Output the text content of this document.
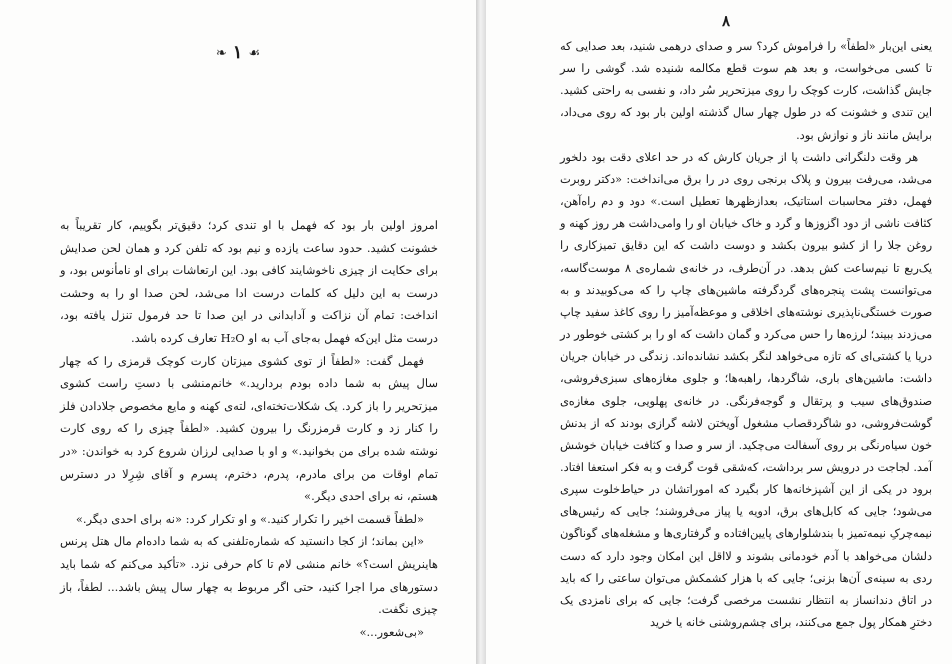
❧ ١ ☙

امروز اولین بار بود که فهمل با او تندی کرد؛ دقیق‌تر بگوییم، کار تقریباً به خشونت کشید. حدود ساعت یازده و نیم بود که تلفن کرد و همان لحن صدایش برای حکایت از چیزی ناخوشایند کافی بود. این ارتعاشات برای او نامأنوس بود، و درست به این دلیل که کلمات درست ادا می‌شد، لحن صدا او را به وحشت انداخت: تمام آن نزاکت و آدابدانی در این صدا تا حد فرمول تنزل یافته بود، درست مثل این‌که فهمل به‌جای آب به او H₂O تعارف کرده باشد.

فهمل گفت: «لطفاً از توی کشوی میزتان کارت کوچک قرمزی را که چهار سال پیش به شما داده بودم بردارید.» خانم‌منشی با دستِ راست کشوی میزتحریر را باز کرد. یک شکلات‌تخته‌ای، لته‌ی کهنه و مایع مخصوص جلادادن فلز را کنار زد و کارت قرمزرنگ را بیرون کشید. «لطفاً چیزی را که روی کارت نوشته شده برای من بخوانید.» و او با صدایی لرزان شروع کرد به خواندن: «در تمام اوقات من برای مادرم، پدرم، دخترم، پسرم و آقای شِرِلا در دسترس هستم، نه برای احدی دیگر.»

«لطفاً قسمت اخیر را تکرار کنید.» و او تکرار کرد: «نه برای احدی دیگر.»

«این بماند؛ از کجا دانستید که شماره‌تلفنی که به شما داده‌ام مال هتل پرنس هاینریش است؟» خانم منشی لام تا کام حرفی نزد. «تأکید می‌کنم که شما باید دستورهای مرا اجرا کنید، حتی اگر مربوط به چهار سال پیش باشد... لطفاً، باز چیزی نگفت.

«بی‌شعور...»

٨

یعنی این‌بار «لطفاً» را فراموش کرد؟ سر و صدای درهمی شنید، بعد صدایی که تا کسی می‌خواست، و بعد هم سوت قطع مکالمه شنیده شد. گوشی را سر جایش گذاشت، کارت کوچک را روی میزتحریر سُر داد، و نفسی به راحتی کشید. این تندی و خشونت که در طول چهار سال گذشته اولین بار بود که روی می‌داد، برایش مانند ناز و نوازش بود.

هر وقت دلنگرانی داشت پا از جریان کارش که در حد اعلای دقت بود دلخور می‌شد، می‌رفت بیرون و پلاک برنجی روی در را برق می‌انداخت: «دکتر روبرت فهمل، دفتر محاسبات استاتیک، بعدازظهرها تعطیل است.» دود و دم راه‌آهن، کثافت ناشی از دود اگزوزها و گرد و خاک خیابان او را وامی‌داشت هر روز کهنه و روغن جلا را از کشو بیرون بکشد و دوست داشت که این دقایق تمیزکاری را یک‌ربع تا نیم‌ساعت کش بدهد. در آن‌طرف، در خانه‌ی شماره‌ی ۸ موست‌گاسه، می‌توانست پشت پنجره‌های گردگرفته ماشین‌های چاپ را که می‌کوبیدند و به صورت خستگی‌ناپذیری نوشته‌های اخلاقی و موعظه‌آمیز را روی کاغذ سفید چاپ می‌زدند ببیند؛ لرزه‌ها را حس می‌کرد و گمان داشت که او را بر کشتی خوطور در دریا یا کشتی‌ای که تازه می‌خواهد لنگر بکشد نشانده‌اند. زندگی در خیابان جریان داشت: ماشین‌های باری، شاگردها، راهبه‌ها؛ و جلوی مغازه‌های سبزی‌فروشی، صندوق‌های سیب و پرتقال و گوجه‌فرنگی. در خانه‌ی پهلویی، جلوی مغازه‌ی گوشت‌فروشی، دو شاگردقصاب مشغول آویختن لاشه گرازی بودند که از بدنش خون سیاه‌رنگی بر روی آسفالت می‌چکید. از سر و صدا و کثافت خیابان خوشش آمد. لجاجت در درویش سر برداشت، که‌شقی قوت گرفت و به فکر استعفا افتاد. برود در یکی از این آشپزخانه‌ها کار بگیرد که اموراتشان در حیاط‌خلوت سپری می‌شود؛ جایی که کابل‌های برق، ادویه یا پیاز می‌فروشند؛ جایی که رئیس‌های نیمه‌چرکِ نیمه‌تمیز با بندشلوارهای پایین‌افتاده و گرفتاری‌ها و مشغله‌های گوناگون دلشان می‌خواهد با آدم خودمانی بشوند و لااقل این امکان وجود دارد که دست ردی به سینه‌ی آن‌ها بزنی؛ جایی که با هزار کشمکش می‌توان ساعتی را که باید در اتاق دندانساز به انتظار نشست مرخصی گرفت؛ جایی که برای نامزدی یک دخترِ همکار پول جمع می‌کنند، برای چشم‌روشنی خانه یا خرید
